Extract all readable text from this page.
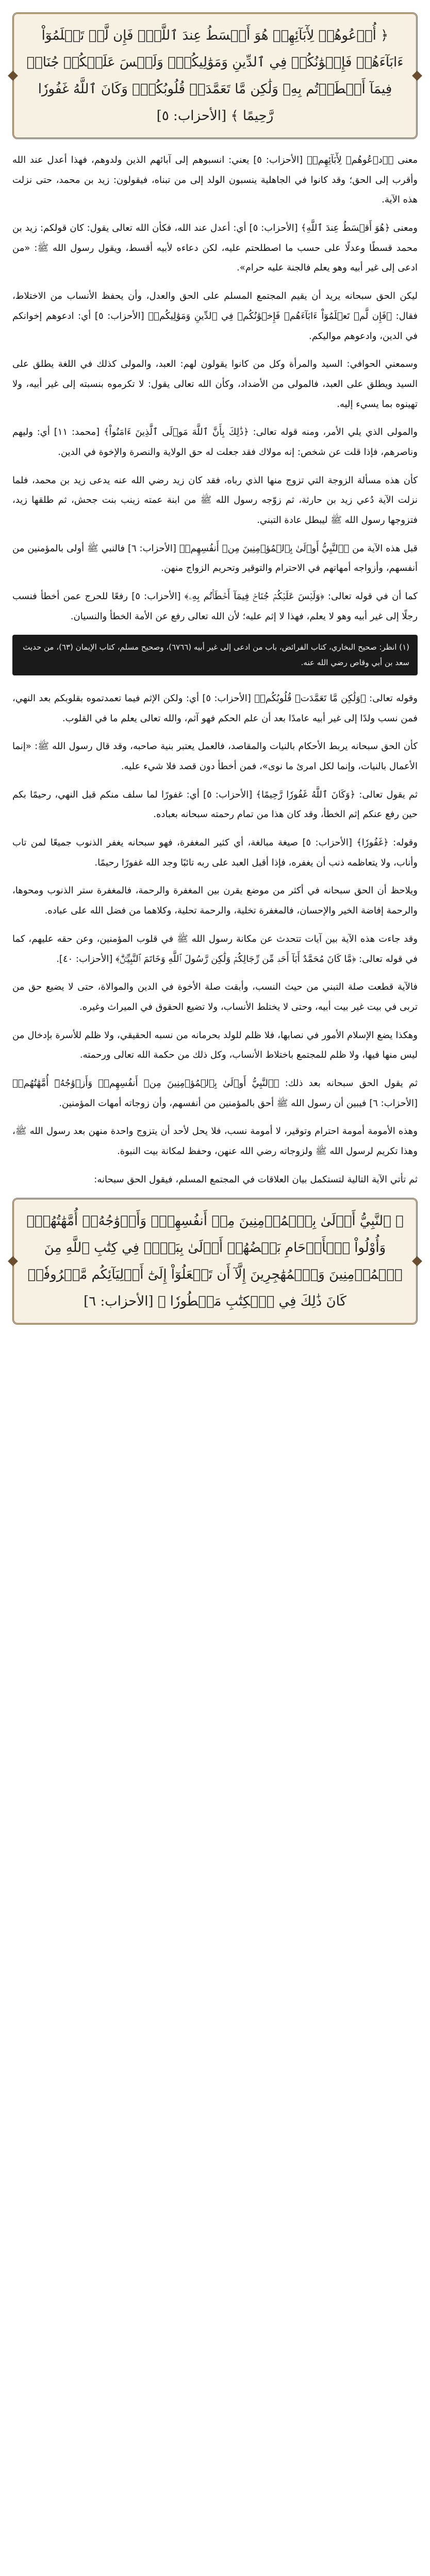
﴿ أُدۡعُوهُمۡ لِأٓبَآئِهِمۡ هُوَ أَقۡسَطُ عِندَ ٱللَّهِۚ فَإِن لَّمۡ تَعۡلَمُوٓاْ ءَابَآءَهُمۡ فَإِخۡوَٰنُكُمۡ فِي ٱلدِّينِ وَمَوَٰلِيكُمۡۚ وَلَيۡسَ عَلَيۡكُمۡ جُنَاحٞ فِيمَآ أَخۡطَأۡتُم بِهِۦ وَلَٰكِن مَّا تَعَمَّدَتۡ قُلُوبُكُمۡۚ وَكَانَ ٱللَّهُ غَفُورٗا رَّحِيمًا ﴾ [الأحزاب: ٥]

معنى ﴿ٱدۡعُوهُمۡ لِأٓبَآئِهِمۡ﴾ [الأحزاب: ٥] يعني: انسبوهم إلى آبائهم الذين ولدوهم، فهذا أعدل عند الله وأقرب إلى الحق؛ وقد كانوا في الجاهلية ينسبون الولد إلى من تبناه، فيقولون: زيد بن محمد، حتى نزلت هذه الآية.

ومعنى ﴿هُوَ أَقۡسَطُ عِندَ ٱللَّهِ﴾ [الأحزاب: ٥] أي: أعدل عند الله، فكأن الله تعالى يقول: كان قولكم: زيد بن محمد قسطًا وعدلًا على حسب ما اصطلحتم عليه، لكن دعاءه لأبيه أقسط، ويقول رسول الله ﷺ: «من ادعى إلى غير أبيه وهو يعلم فالجنة عليه حرام».

ليكن الحق سبحانه يريد أن يقيم المجتمع المسلم على الحق والعدل، وأن يحفظ الأنساب من الاختلاط، فقال: ﴿فَإِن لَّمۡ تَعۡلَمُوٓاْ ءَابَآءَهُمۡ فَإِخۡوَٰنُكُمۡ فِي ٱلدِّينِ وَمَوَٰلِيكُمۡ﴾ [الأحزاب: ٥] أي: ادعوهم إخوانكم في الدين، وادعوهم مواليكم.

وسمعني الحوافي: السيد والمرأة وكل من كانوا يقولون لهم: العبد، والمولى كذلك في اللغة يطلق على السيد ويطلق على العبد، فالمولى من الأضداد، وكأن الله تعالى يقول: لا تكرموه بنسبته إلى غير أبيه، ولا تهينوه بما يسيء إليه.

والمولى الذي يلي الأمر، ومنه قوله تعالى: ﴿ذَٰلِكَ بِأَنَّ ٱللَّهَ مَوۡلَى ٱلَّذِينَ ءَامَنُواْ﴾ [محمد: ١١] أي: وليهم وناصرهم، فإذا قلت عن شخص: إنه مولاك فقد جعلت له حق الولاية والنصرة والإخوة في الدين.

كأن هذه مسألة الزوجة التي تزوج منها الذي رباه، فقد كان زيد رضي الله عنه يدعى زيد بن محمد، فلما نزلت الآية دُعي زيد بن حارثة، ثم زوّجه رسول الله ﷺ من ابنة عمته زينب بنت جحش، ثم طلقها زيد، فتزوجها رسول الله ﷺ ليبطل عادة التبني.

قبل هذه الآية من ﴿ٱلنَّبِيُّ أَوۡلَىٰ بِٱلۡمُؤۡمِنِينَ مِنۡ أَنفُسِهِمۡ﴾ [الأحزاب: ٦] فالنبي ﷺ أولى بالمؤمنين من أنفسهم، وأزواجه أمهاتهم في الاحترام والتوقير وتحريم الزواج منهن.

كما أن في قوله تعالى: ﴿وَلَيۡسَ عَلَيۡكُمۡ جُنَاحٞ فِيمَآ أَخۡطَأۡتُم بِهِۦ﴾ [الأحزاب: ٥] رفعًا للحرج عمن أخطأ فنسب رجلًا إلى غير أبيه وهو لا يعلم، فهذا لا إثم عليه؛ لأن الله تعالى رفع عن الأمة الخطأ والنسيان.

(١) انظر: صحيح البخاري، كتاب الفرائض، باب من ادعى إلى غير أبيه (٦٧٦٦)، وصحيح مسلم، كتاب الإيمان (٦٣)، من حديث سعد بن أبي وقاص رضي الله عنه.

وقوله تعالى: ﴿وَلَٰكِن مَّا تَعَمَّدَتۡ قُلُوبُكُمۡ﴾ [الأحزاب: ٥] أي: ولكن الإثم فيما تعمدتموه بقلوبكم بعد النهي، فمن نسب ولدًا إلى غير أبيه عامدًا بعد أن علم الحكم فهو آثم، والله تعالى يعلم ما في القلوب.

كأن الحق سبحانه يربط الأحكام بالنيات والمقاصد، فالعمل يعتبر بنية صاحبه، وقد قال رسول الله ﷺ: «إنما الأعمال بالنيات، وإنما لكل امرئ ما نوى»، فمن أخطأ دون قصد فلا شيء عليه.

ثم يقول تعالى: ﴿وَكَانَ ٱللَّهُ غَفُورٗا رَّحِيمًا﴾ [الأحزاب: ٥] أي: غفورًا لما سلف منكم قبل النهي، رحيمًا بكم حين رفع عنكم إثم الخطأ، وقد كان هذا من تمام رحمته سبحانه بعباده.

وقوله: ﴿غَفُورٗا﴾ [الأحزاب: ٥] صيغة مبالغة، أي كثير المغفرة، فهو سبحانه يغفر الذنوب جميعًا لمن تاب وأناب، ولا يتعاظمه ذنب أن يغفره، فإذا أقبل العبد على ربه تائبًا وجد الله غفورًا رحيمًا.

ويلاحظ أن الحق سبحانه في أكثر من موضع يقرن بين المغفرة والرحمة، فالمغفرة ستر الذنوب ومحوها، والرحمة إفاضة الخير والإحسان، فالمغفرة تخلية، والرحمة تحلية، وكلاهما من فضل الله على عباده.

وقد جاءت هذه الآية بين آيات تتحدث عن مكانة رسول الله ﷺ في قلوب المؤمنين، وعن حقه عليهم، كما في قوله تعالى: ﴿مَّا كَانَ مُحَمَّدٌ أَبَآ أَحَدٖ مِّن رِّجَالِكُمۡ وَلَٰكِن رَّسُولَ ٱللَّهِ وَخَاتَمَ ٱلنَّبِيِّـۧنَۗ﴾ [الأحزاب: ٤٠].

فالآية قطعت صلة التبني من حيث النسب، وأبقت صلة الأخوة في الدين والموالاة، حتى لا يضيع حق من تربى في بيت غير بيت أبيه، وحتى لا يختلط الأنساب، ولا تضيع الحقوق في الميراث وغيره.

وهكذا يضع الإسلام الأمور في نصابها، فلا ظلم للولد بحرمانه من نسبه الحقيقي، ولا ظلم للأسرة بإدخال من ليس منها فيها، ولا ظلم للمجتمع باختلاط الأنساب، وكل ذلك من حكمة الله تعالى ورحمته.

ثم يقول الحق سبحانه بعد ذلك: ﴿ٱلنَّبِيُّ أَوۡلَىٰ بِٱلۡمُؤۡمِنِينَ مِنۡ أَنفُسِهِمۡۖ وَأَزۡوَٰجُهُۥٓ أُمَّهَٰتُهُمۡ﴾ [الأحزاب: ٦] فيبين أن رسول الله ﷺ أحق بالمؤمنين من أنفسهم، وأن زوجاته أمهات المؤمنين.

وهذه الأمومة أمومة احترام وتوقير، لا أمومة نسب، فلا يحل لأحد أن يتزوج واحدة منهن بعد رسول الله ﷺ، وهذا تكريم لرسول الله ﷺ ولزوجاته رضي الله عنهن، وحفظ لمكانة بيت النبوة.

ثم تأتي الآية التالية لتستكمل بيان العلاقات في المجتمع المسلم، فيقول الحق سبحانه:

﴿ ٱلنَّبِيُّ أَوۡلَىٰ بِٱلۡمُؤۡمِنِينَ مِنۡ أَنفُسِهِمۡۖ وَأَزۡوَٰجُهُۥٓ أُمَّهَٰتُهُمۡۗ وَأُوْلُواْ ٱلۡأَرۡحَامِ بَعۡضُهُمۡ أَوۡلَىٰ بِبَعۡضٖ فِي كِتَٰبِ ٱللَّهِ مِنَ ٱلۡمُؤۡمِنِينَ وَٱلۡمُهَٰجِرِينَ إِلَّآ أَن تَفۡعَلُوٓاْ إِلَىٰٓ أَوۡلِيَآئِكُم مَّعۡرُوفٗاۚ كَانَ ذَٰلِكَ فِي ٱلۡكِتَٰبِ مَسۡطُورٗا ﴾ [الأحزاب: ٦]
